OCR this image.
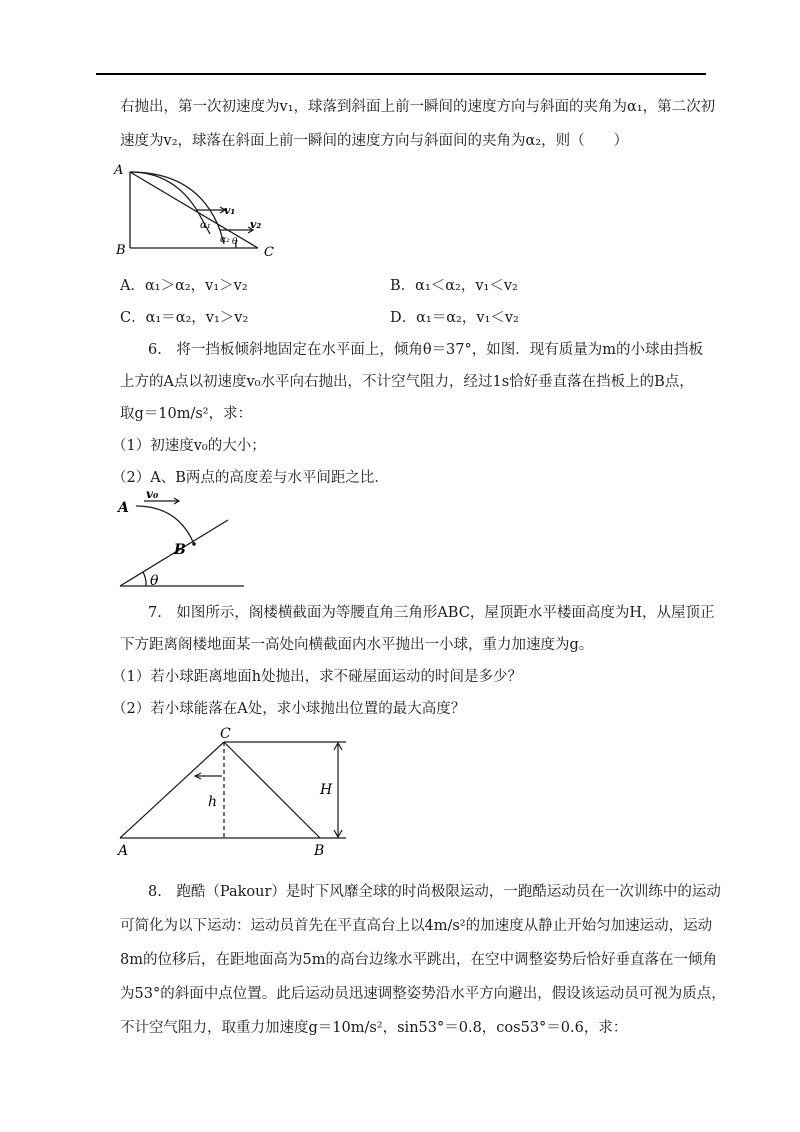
右抛出，第一次初速度为v₁，球落到斜面上前一瞬间的速度方向与斜面的夹角为α₁，第二次初
速度为v₂，球落在斜面上前一瞬间的速度方向与斜面间的夹角为α₂，则（　　）
A
B	C
v₁
v₂
α₁
α₂ θ
A．α₁＞α₂，v₁＞v₂	B．α₁＜α₂，v₁＜v₂
C．α₁＝α₂，v₁＞v₂	D．α₁＝α₂，v₁＜v₂
6.　将一挡板倾斜地固定在水平面上，倾角θ＝37°，如图．现有质量为m的小球由挡板
上方的A点以初速度v₀水平向右抛出，不计空气阻力，经过1s恰好垂直落在挡板上的B点，
取g＝10m/s²，求：
（1）初速度v₀的大小；
（2）A、B两点的高度差与水平间距之比．
A
B
v₀
θ
7.　如图所示，阁楼横截面为等腰直角三角形ABC，屋顶距水平楼面高度为H，从屋顶正
下方距离阁楼地面某一高处向横截面内水平抛出一小球，重力加速度为g。
（1）若小球距离地面h处抛出，求不碰屋面运动的时间是多少？
（2）若小球能落在A处，求小球抛出位置的最大高度？
A	B
C
H
h
8.　跑酷（Pakour）是时下风靡全球的时尚极限运动，一跑酷运动员在一次训练中的运动
可简化为以下运动：运动员首先在平直高台上以4m/s²的加速度从静止开始匀加速运动，运动
8m的位移后，在距地面高为5m的高台边缘水平跳出，在空中调整姿势后恰好垂直落在一倾角
为53°的斜面中点位置。此后运动员迅速调整姿势沿水平方向避出，假设该运动员可视为质点，
不计空气阻力，取重力加速度g＝10m/s²，sin53°＝0.8，cos53°＝0.6，求：
